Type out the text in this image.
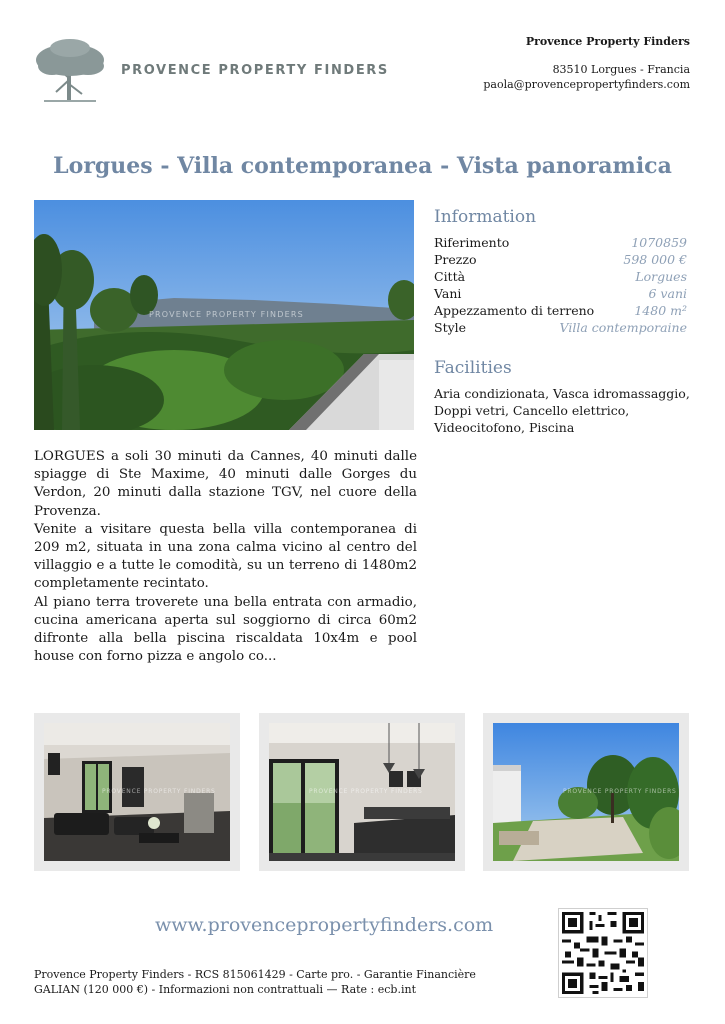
PROVENCE PROPERTY FINDERS
Provence Property Finders
83510 Lorgues - Francia
paola@provencepropertyfinders.com
Lorgues - Villa contemporanea - Vista panoramica
PROVENCE PROPERTY FINDERS
Information
Riferimento	1070859
Prezzo	598 000 €
Città	Lorgues
Vani	6 vani
Appezzamento di terreno	1480 m²
Style	Villa contemporaine
Facilities
Aria condizionata, Vasca idromassaggio, Doppi vetri, Cancello elettrico, Videocitofono, Piscina

LORGUES a soli 30 minuti da Cannes, 40 minuti dalle spiagge di Ste Maxime, 40 minuti dalle Gorges du Verdon, 20 minuti dalla stazione TGV, nel cuore della Provenza.

Venite a visitare questa bella villa contemporanea di 209 m2, situata in una zona calma vicino al centro del villaggio e a tutte le comodità, su un terreno di 1480m2 completamente recintato.

Al piano terra troverete una bella entrata con armadio, cucina americana aperta sul soggiorno di circa 60m2 difronte alla bella piscina riscaldata 10x4m e pool house con forno pizza e angolo co...

PROVENCE PROPERTY FINDERS	PROVENCE PROPERTY FINDERS	PROVENCE PROPERTY FINDERS
www.provencepropertyfinders.com
Provence Property Finders - RCS 815061429 - Carte pro. - Garantie Financière GALIAN (120 000 €) - Informazioni non contrattuali — Rate : ecb.int
